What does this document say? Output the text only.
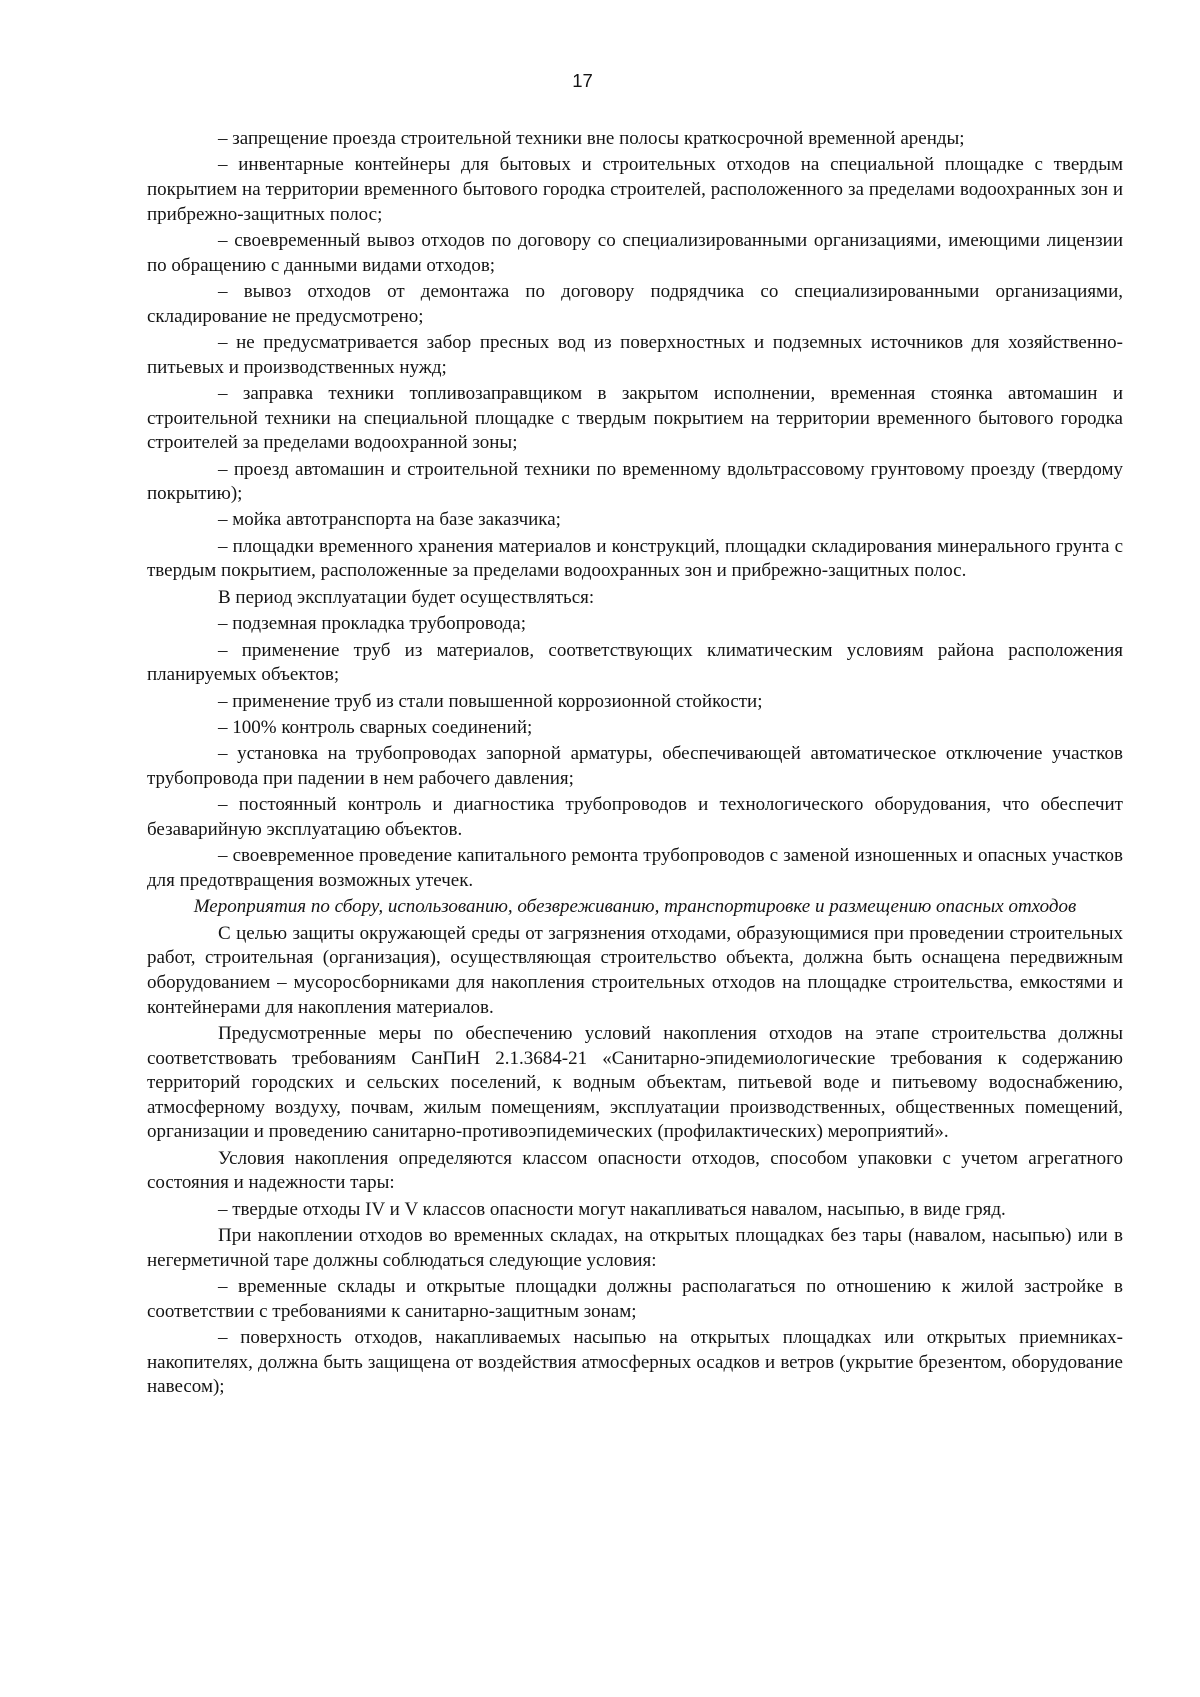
17

– запрещение проезда строительной техники вне полосы краткосрочной временной аренды;

– инвентарные контейнеры для бытовых и строительных отходов на специальной площадке с твердым покрытием на территории временного бытового городка строителей, расположенного за пределами водоохранных зон и прибрежно-защитных полос;

– своевременный вывоз отходов по договору со специализированными организациями, имеющими лицензии по обращению с данными видами отходов;

– вывоз отходов от демонтажа по договору подрядчика со специализированными организациями, складирование не предусмотрено;

– не предусматривается забор пресных вод из поверхностных и подземных источников для хозяйственно-питьевых и производственных нужд;

– заправка техники топливозаправщиком в закрытом исполнении, временная стоянка автомашин и строительной техники на специальной площадке с твердым покрытием на территории временного бытового городка строителей за пределами водоохранной зоны;

– проезд автомашин и строительной техники по временному вдольтрассовому грунтовому проезду (твердому покрытию);

– мойка автотранспорта на базе заказчика;

– площадки временного хранения материалов и конструкций, площадки складирования минерального грунта с твердым покрытием, расположенные за пределами водоохранных зон и прибрежно-защитных полос.

В период эксплуатации будет осуществляться:

– подземная прокладка трубопровода;

– применение труб из материалов, соответствующих климатическим условиям района расположения планируемых объектов;

– применение труб из стали повышенной коррозионной стойкости;

– 100% контроль сварных соединений;

– установка на трубопроводах запорной арматуры, обеспечивающей автоматическое отключение участков трубопровода при падении в нем рабочего давления;

– постоянный контроль и диагностика трубопроводов и технологического оборудования, что обеспечит безаварийную эксплуатацию объектов.

– своевременное проведение капитального ремонта трубопроводов с заменой изношенных и опасных участков для предотвращения возможных утечек.

Мероприятия по сбору, использованию, обезвреживанию, транспортировке и размещению опасных отходов

С целью защиты окружающей среды от загрязнения отходами, образующимися при проведении строительных работ, строительная (организация), осуществляющая строительство объекта, должна быть оснащена передвижным оборудованием – мусоросборниками для накопления строительных отходов на площадке строительства, емкостями и контейнерами для накопления материалов.

Предусмотренные меры по обеспечению условий накопления отходов на этапе строительства должны соответствовать требованиям СанПиН 2.1.3684-21 «Санитарно-эпидемиологические требования к содержанию территорий городских и сельских поселений, к водным объектам, питьевой воде и питьевому водоснабжению, атмосферному воздуху, почвам, жилым помещениям, эксплуатации производственных, общественных помещений, организации и проведению санитарно-противоэпидемических (профилактических) мероприятий».

Условия накопления определяются классом опасности отходов, способом упаковки с учетом агрегатного состояния и надежности тары:

– твердые отходы IV и V классов опасности могут накапливаться навалом, насыпью, в виде гряд.

При накоплении отходов во временных складах, на открытых площадках без тары (навалом, насыпью) или в негерметичной таре должны соблюдаться следующие условия:

– временные склады и открытые площадки должны располагаться по отношению к жилой застройке в соответствии с требованиями к санитарно-защитным зонам;

– поверхность отходов, накапливаемых насыпью на открытых площадках или открытых приемниках-накопителях, должна быть защищена от воздействия атмосферных осадков и ветров (укрытие брезентом, оборудование навесом);
